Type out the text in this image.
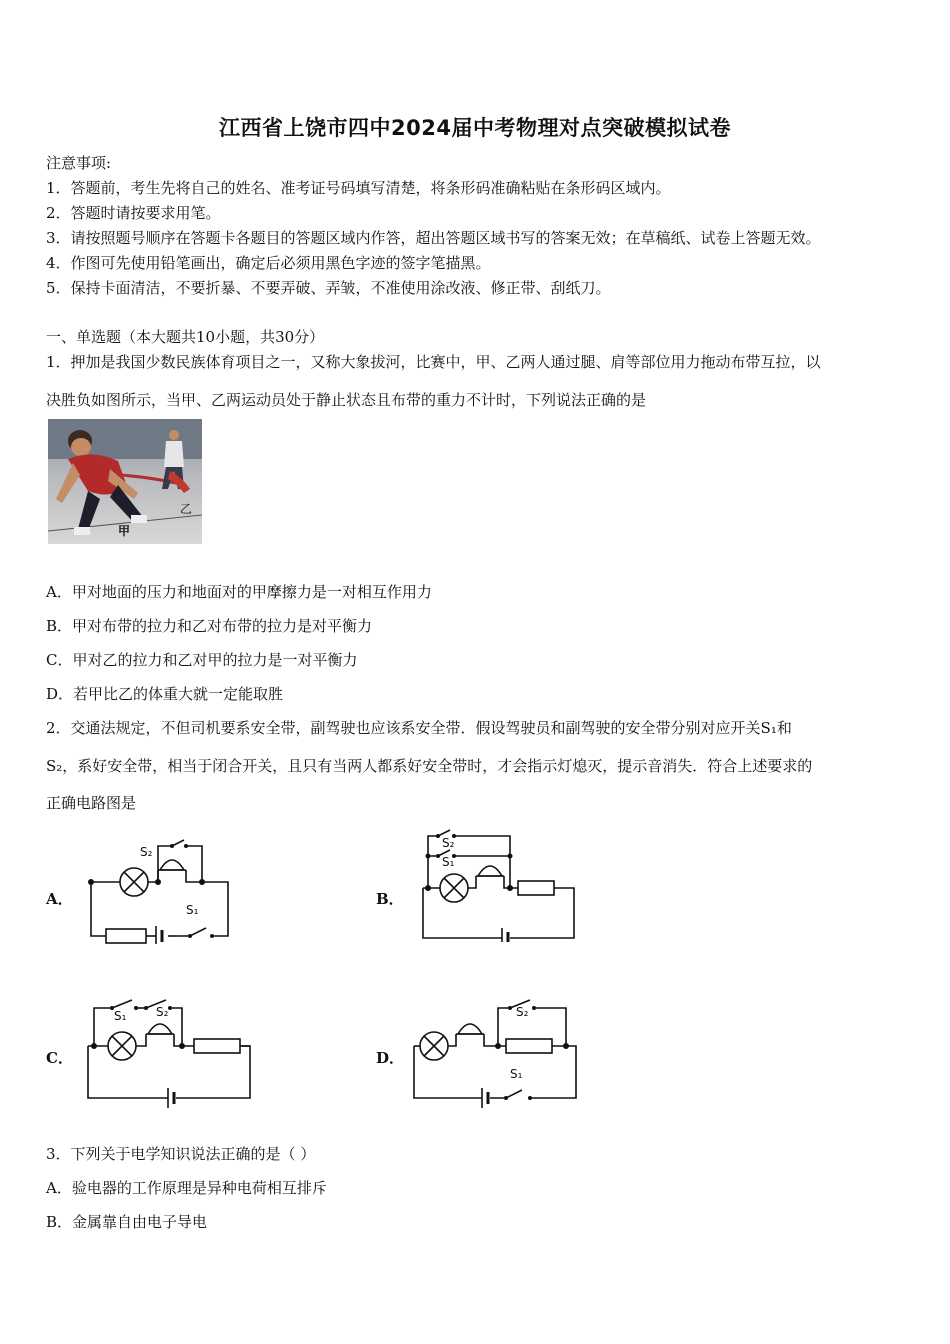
江西省上饶市四中2024届中考物理对点突破模拟试卷
注意事项:
1．答题前，考生先将自己的姓名、准考证号码填写清楚，将条形码准确粘贴在条形码区域内。
2．答题时请按要求用笔。
3．请按照题号顺序在答题卡各题目的答题区域内作答，超出答题区域书写的答案无效；在草稿纸、试卷上答题无效。
4．作图可先使用铅笔画出，确定后必须用黑色字迹的签字笔描黑。
5．保持卡面清洁，不要折暴、不要弄破、弄皱，不准使用涂改液、修正带、刮纸刀。
一、单选题（本大题共10小题，共30分）
1．押加是我国少数民族体育项目之一，又称大象拔河，比赛中，甲、乙两人通过腿、肩等部位用力拖动布带互拉，以
决胜负如图所示，当甲、乙两运动员处于静止状态且布带的重力不计时，下列说法正确的是
乙
甲
A．甲对地面的压力和地面对的甲摩擦力是一对相互作用力
B．甲对布带的拉力和乙对布带的拉力是对平衡力
C．甲对乙的拉力和乙对甲的拉力是一对平衡力
D．若甲比乙的体重大就一定能取胜
2．交通法规定，不但司机要系安全带，副驾驶也应该系安全带．假设驾驶员和副驾驶的安全带分别对应开关S₁和
S₂，系好安全带，相当于闭合开关，且只有当两人都系好安全带时，才会指示灯熄灭，提示音消失．符合上述要求的
正确电路图是
A．	B．
C．	D．
S₂
S₁
S₂
S₁
S₁ S₂	S₂
S₁
3．下列关于电学知识说法正确的是（ ）
A．验电器的工作原理是异种电荷相互排斥
B．金属靠自由电子导电
